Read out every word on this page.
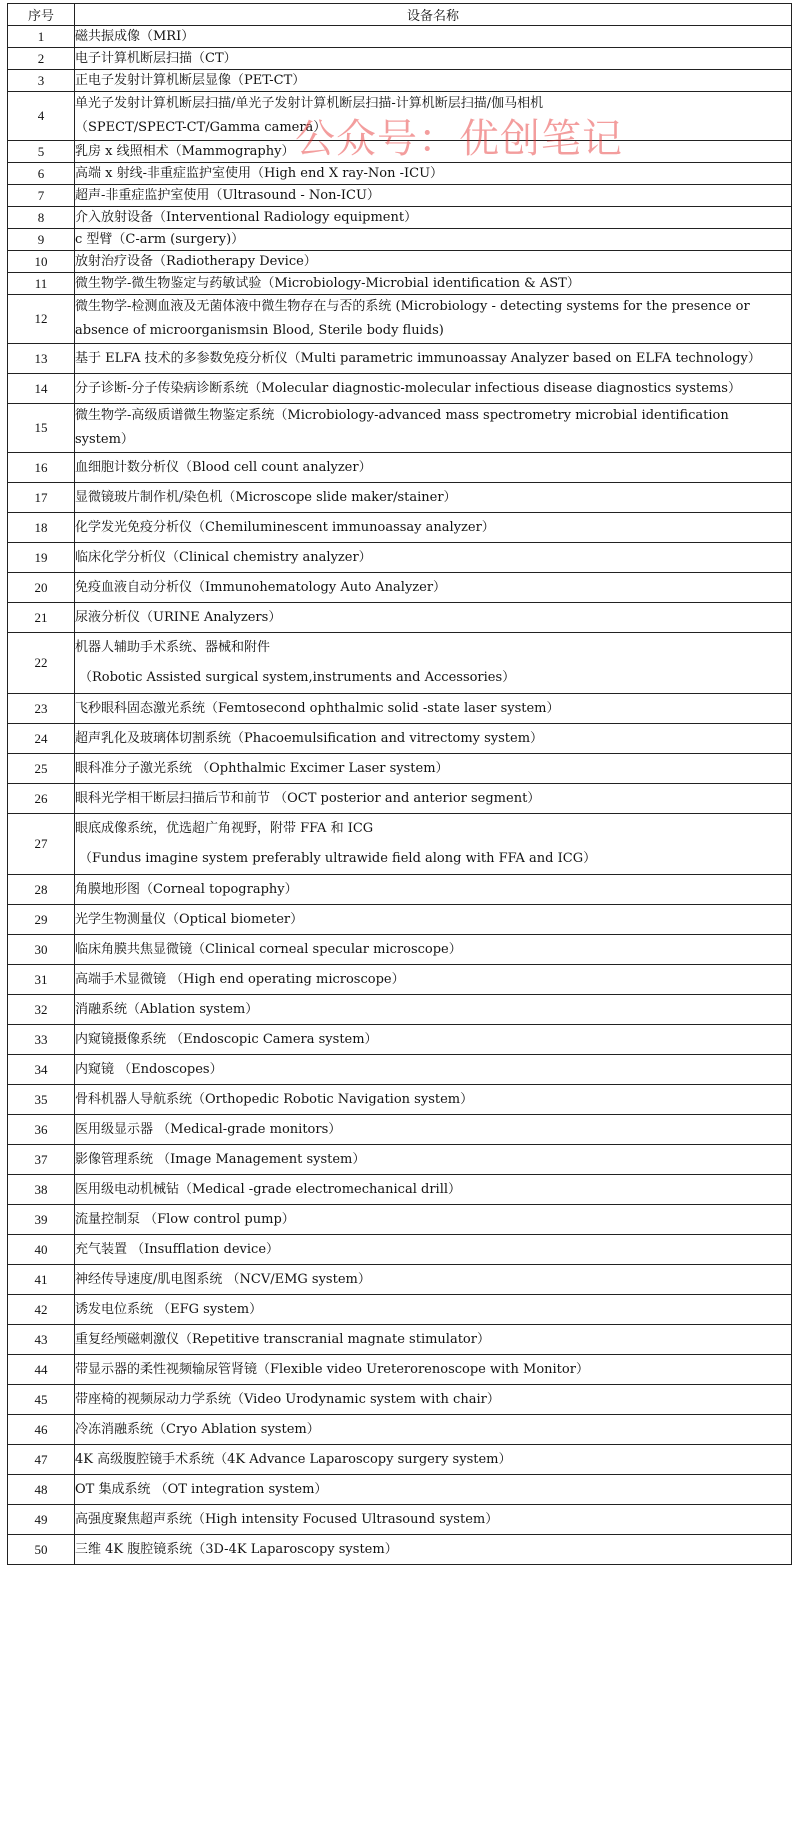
序号	设备名称
1	磁共振成像（MRI）
2	电子计算机断层扫描（CT）
3	正电子发射计算机断层显像（PET-CT）
4	单光子发射计算机断层扫描/单光子发射计算机断层扫描-计算机断层扫描/伽马相机
（SPECT/SPECT-CT/Gamma camera）

5	乳房 x 线照相术（Mammography）
6	高端 x 射线-非重症监护室使用（High end X ray-Non -ICU）
7	超声-非重症监护室使用（Ultrasound - Non-ICU）
8	介入放射设备（Interventional Radiology equipment）
9	c 型臂（C-arm (surgery)）
10	放射治疗设备（Radiotherapy Device）
11	微生物学-微生物鉴定与药敏试验（Microbiology-Microbial identification & AST）
12	微生物学-检测血液及无菌体液中微生物存在与否的系统 (Microbiology - detecting systems for the presence or
absence of microorganismsin Blood, Sterile body fluids)

13	基于 ELFA 技术的多参数免疫分析仪（Multi parametric immunoassay Analyzer based on ELFA technology）
14	分子诊断-分子传染病诊断系统（Molecular diagnostic-molecular infectious disease diagnostics systems）
15	微生物学-高级质谱微生物鉴定系统（Microbiology-advanced mass spectrometry microbial identification
system）

16	血细胞计数分析仪（Blood cell count analyzer）
17	显微镜玻片制作机/染色机（Microscope slide maker/stainer）
18	化学发光免疫分析仪（Chemiluminescent immunoassay analyzer）
19	临床化学分析仪（Clinical chemistry analyzer）
20	免疫血液自动分析仪（Immunohematology Auto Analyzer）
21	尿液分析仪（URINE Analyzers）
22	机器人辅助手术系统、器械和附件
（Robotic Assisted surgical system,instruments and Accessories）

23	飞秒眼科固态激光系统（Femtosecond ophthalmic solid -state laser system）
24	超声乳化及玻璃体切割系统（Phacoemulsification and vitrectomy system）
25	眼科准分子激光系统 （Ophthalmic Excimer Laser system）
26	眼科光学相干断层扫描后节和前节 （OCT posterior and anterior segment）
27	眼底成像系统，优选超广角视野，附带 FFA 和 ICG
（Fundus imagine system preferably ultrawide field along with FFA and ICG）

28	角膜地形图（Corneal topography）
29	光学生物测量仪（Optical biometer）
30	临床角膜共焦显微镜（Clinical corneal specular microscope）
31	高端手术显微镜 （High end operating microscope）
32	消融系统（Ablation system）
33	内窥镜摄像系统 （Endoscopic Camera system）
34	内窥镜 （Endoscopes）
35	骨科机器人导航系统（Orthopedic Robotic Navigation system）
36	医用级显示器 （Medical-grade monitors）
37	影像管理系统 （Image Management system）
38	医用级电动机械钻（Medical -grade electromechanical drill）
39	流量控制泵 （Flow control pump）
40	充气装置 （Insufflation device）
41	神经传导速度/肌电图系统 （NCV/EMG system）
42	诱发电位系统 （EFG system）
43	重复经颅磁刺激仪（Repetitive transcranial magnate stimulator）
44	带显示器的柔性视频输尿管肾镜（Flexible video Ureterorenoscope with Monitor）
45	带座椅的视频尿动力学系统（Video Urodynamic system with chair）
46	冷冻消融系统（Cryo Ablation system）
47	4K 高级腹腔镜手术系统（4K Advance Laparoscopy surgery system）
48	OT 集成系统 （OT integration system）
49	高强度聚焦超声系统（High intensity Focused Ultrasound system）
50	三维 4K 腹腔镜系统（3D-4K Laparoscopy system）
公众号：优创笔记
